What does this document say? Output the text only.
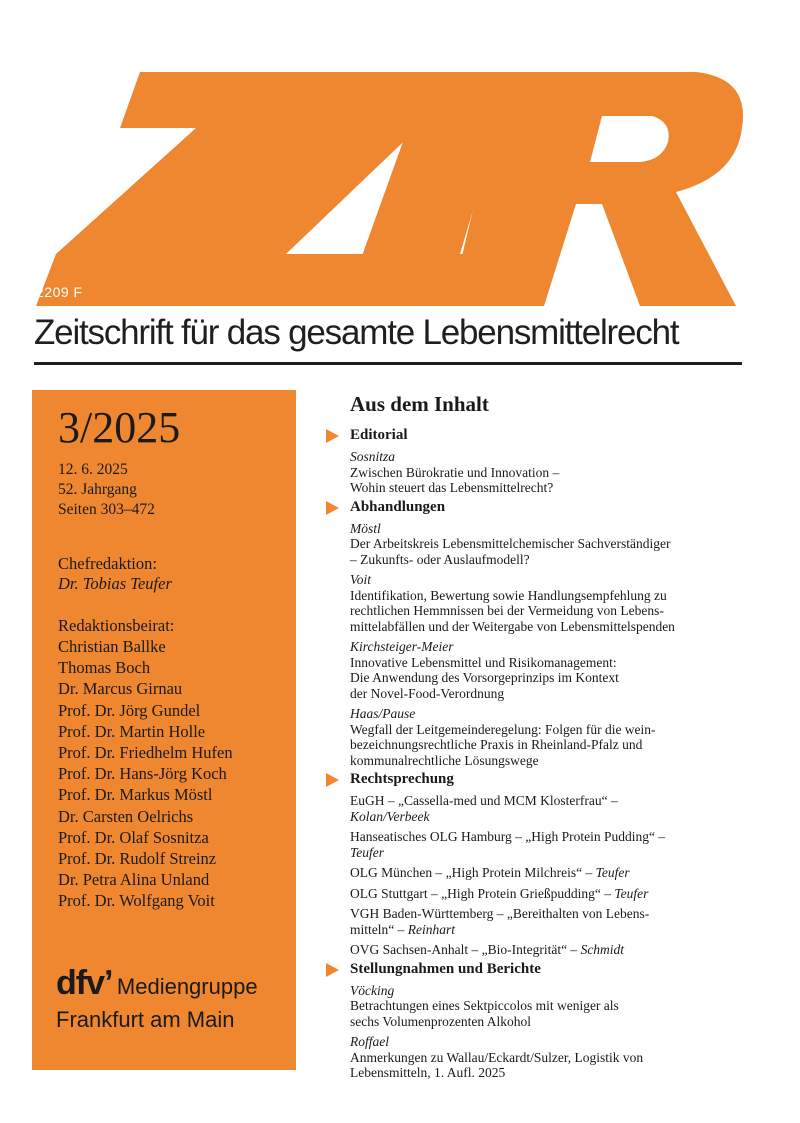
2209 F
Zeitschrift für das gesamte Lebensmittelrecht
3/2025
12. 6. 2025
52. Jahrgang
Seiten 303–472
Chefredaktion:
Dr. Tobias Teufer
Redaktionsbeirat:
Christian Ballke
Thomas Boch
Dr. Marcus Girnau
Prof. Dr. Jörg Gundel
Prof. Dr. Martin Holle
Prof. Dr. Friedhelm Hufen
Prof. Dr. Hans-Jörg Koch
Prof. Dr. Markus Möstl
Dr. Carsten Oelrichs
Prof. Dr. Olaf Sosnitza
Prof. Dr. Rudolf Streinz
Dr. Petra Alina Unland
Prof. Dr. Wolfgang Voit
dfvʼ Mediengruppe
Frankfurt am Main
Aus dem Inhalt
Editorial
Sosnitza
Zwischen Bürokratie und Innovation –
Wohin steuert das Lebensmittelrecht?
Abhandlungen
Möstl
Der Arbeitskreis Lebensmittelchemischer Sachverständiger
– Zukunfts- oder Auslaufmodell?
Voit
Identifikation, Bewertung sowie Handlungsempfehlung zu
rechtlichen Hemmnissen bei der Vermeidung von Lebens-
mittelabfällen und der Weitergabe von Lebensmittelspenden
Kirchsteiger-Meier
Innovative Lebensmittel und Risikomanagement:
Die Anwendung des Vorsorgeprinzips im Kontext
der Novel-Food-Verordnung
Haas/Pause
Wegfall der Leitgemeinderegelung: Folgen für die wein-
bezeichnungsrechtliche Praxis in Rheinland-Pfalz und
kommunalrechtliche Lösungswege
Rechtsprechung
EuGH – „Cassella-med und MCM Klosterfrau“ –
Kolan/Verbeek
Hanseatisches OLG Hamburg – „High Protein Pudding“ –
Teufer
OLG München – „High Protein Milchreis“ – Teufer
OLG Stuttgart – „High Protein Grießpudding“ – Teufer
VGH Baden-Württemberg – „Bereithalten von Lebens-
mitteln“ – Reinhart
OVG Sachsen-Anhalt – „Bio-Integrität“ – Schmidt
Stellungnahmen und Berichte
Vöcking
Betrachtungen eines Sektpiccolos mit weniger als
sechs Volumenprozenten Alkohol
Roffael
Anmerkungen zu Wallau/Eckardt/Sulzer, Logistik von
Lebensmitteln, 1. Aufl. 2025
